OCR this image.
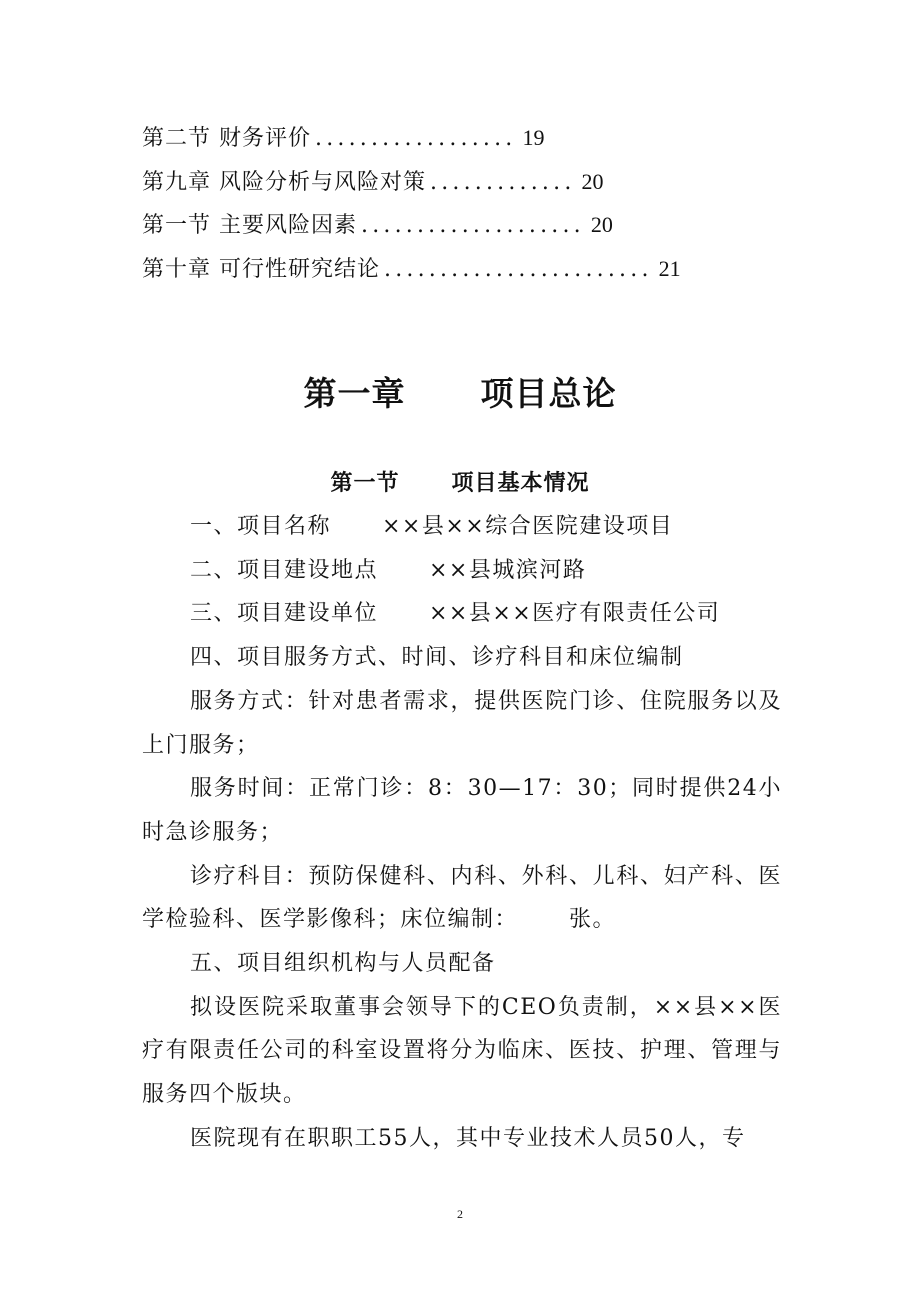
第二节 财务评价 .................. 19
第九章 风险分析与风险对策 ............. 20
第一节 主要风险因素 .................... 20
第十章 可行性研究结论 ........................ 21
第一章      项目总论
第一节      项目基本情况

一、项目名称      ××县××综合医院建设项目

二、项目建设地点      ××县城滨河路

三、项目建设单位      ××县××医疗有限责任公司

四、项目服务方式、时间、诊疗科目和床位编制

服务方式：针对患者需求，提供医院门诊、住院服务以及上门服务；

服务时间：正常门诊：8：30—17：30；同时提供24小时急诊服务；

诊疗科目：预防保健科、内科、外科、儿科、妇产科、医学检验科、医学影像科；床位编制：      张。

五、项目组织机构与人员配备

拟设医院采取董事会领导下的CEO负责制，××县××医疗有限责任公司的科室设置将分为临床、医技、护理、管理与服务四个版块。

医院现有在职职工55人，其中专业技术人员50人，专

2
